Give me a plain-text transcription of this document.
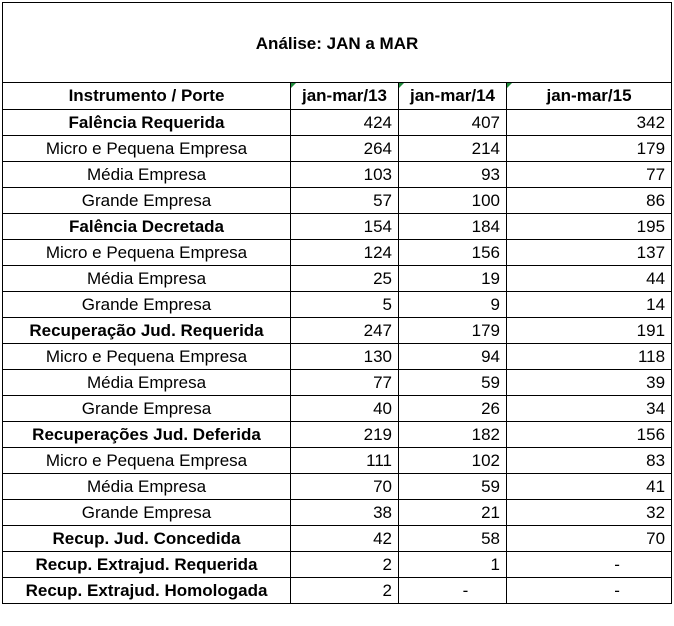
Análise: JAN a MAR			
Instrumento / Porte	jan-mar/13	jan-mar/14	jan-mar/15
Falência Requerida	424	407	342
Micro e Pequena Empresa	264	214	179
Média Empresa	103	93	77
Grande Empresa	57	100	86
Falência Decretada	154	184	195
Micro e Pequena Empresa	124	156	137
Média Empresa	25	19	44
Grande Empresa	5	9	14
Recuperação Jud. Requerida	247	179	191
Micro e Pequena Empresa	130	94	118
Média Empresa	77	59	39
Grande Empresa	40	26	34
Recuperações Jud. Deferida	219	182	156
Micro e Pequena Empresa	111	102	83
Média Empresa	70	59	41
Grande Empresa	38	21	32
Recup. Jud. Concedida	42	58	70
Recup. Extrajud. Requerida	2	1	-
Recup. Extrajud. Homologada	2	-	-
